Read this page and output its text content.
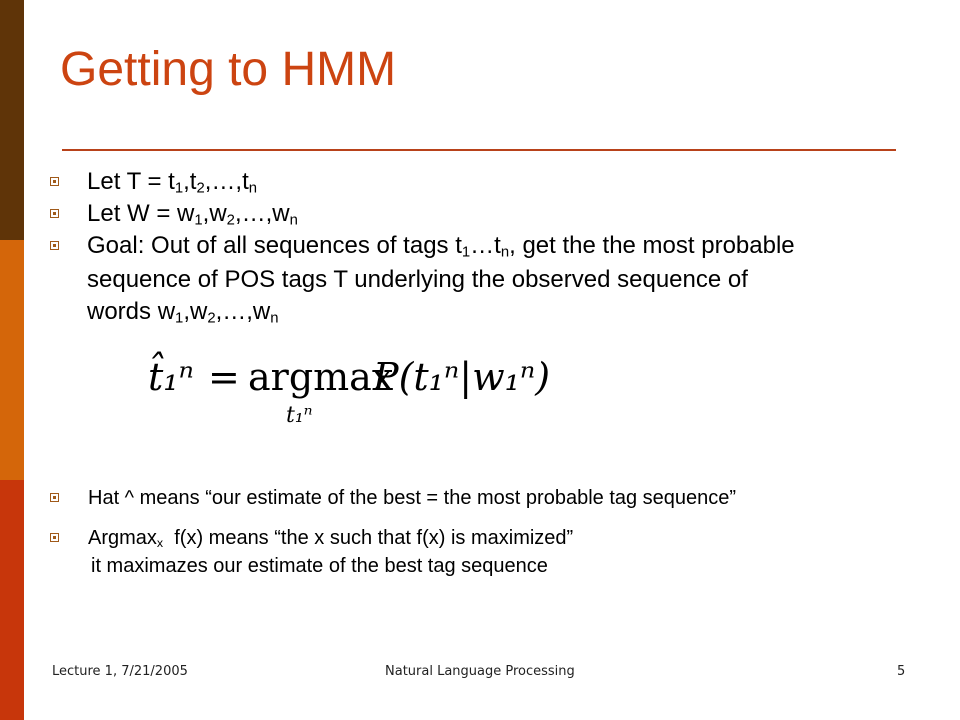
Getting to HMM
Let $T = t_1,t_2,\dots,t_n$
Let $W = w_1,w_2,\dots,w_n$
Goal: Out of all sequences of tags $t_1\dots t_n$, get the the most probable
sequence of POS tags T underlying the observed sequence of
words $w_1,w_2,\dots,w_n$
t̂₁ⁿ = argmax
P(t₁ⁿ|w₁ⁿ)
t₁ⁿ
Hat ^ means “our estimate of the best = the most probable tag sequence”
Argmax$_x$  f(x) means “the x such that f(x) is maximized”
it maximazes our estimate of the best tag sequence
Lecture 1, 7/21/2005	Natural Language Processing	5
